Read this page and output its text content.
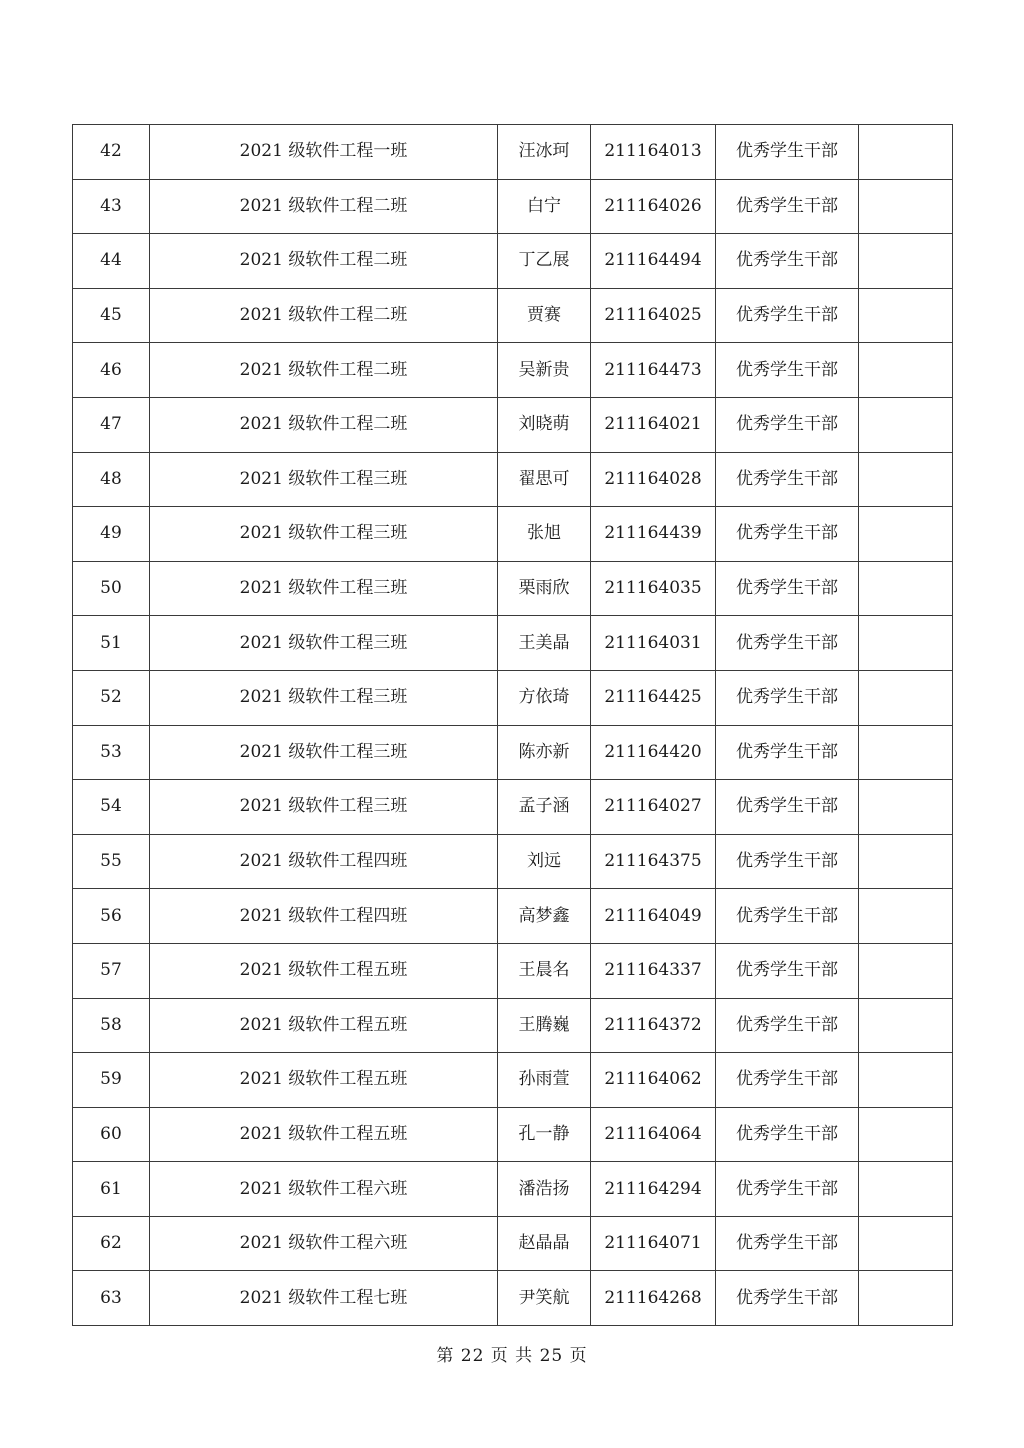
42	2021 级软件工程一班	汪冰珂	211164013	优秀学生干部	
43	2021 级软件工程二班	白宁	211164026	优秀学生干部	
44	2021 级软件工程二班	丁乙展	211164494	优秀学生干部	
45	2021 级软件工程二班	贾赛	211164025	优秀学生干部	
46	2021 级软件工程二班	吴新贵	211164473	优秀学生干部	
47	2021 级软件工程二班	刘晓萌	211164021	优秀学生干部	
48	2021 级软件工程三班	翟思可	211164028	优秀学生干部	
49	2021 级软件工程三班	张旭	211164439	优秀学生干部	
50	2021 级软件工程三班	栗雨欣	211164035	优秀学生干部	
51	2021 级软件工程三班	王美晶	211164031	优秀学生干部	
52	2021 级软件工程三班	方依琦	211164425	优秀学生干部	
53	2021 级软件工程三班	陈亦新	211164420	优秀学生干部	
54	2021 级软件工程三班	孟子涵	211164027	优秀学生干部	
55	2021 级软件工程四班	刘远	211164375	优秀学生干部	
56	2021 级软件工程四班	高梦鑫	211164049	优秀学生干部	
57	2021 级软件工程五班	王晨名	211164337	优秀学生干部	
58	2021 级软件工程五班	王腾巍	211164372	优秀学生干部	
59	2021 级软件工程五班	孙雨萱	211164062	优秀学生干部	
60	2021 级软件工程五班	孔一静	211164064	优秀学生干部	
61	2021 级软件工程六班	潘浩扬	211164294	优秀学生干部	
62	2021 级软件工程六班	赵晶晶	211164071	优秀学生干部	
63	2021 级软件工程七班	尹笑航	211164268	优秀学生干部	
第 22 页 共 25 页
